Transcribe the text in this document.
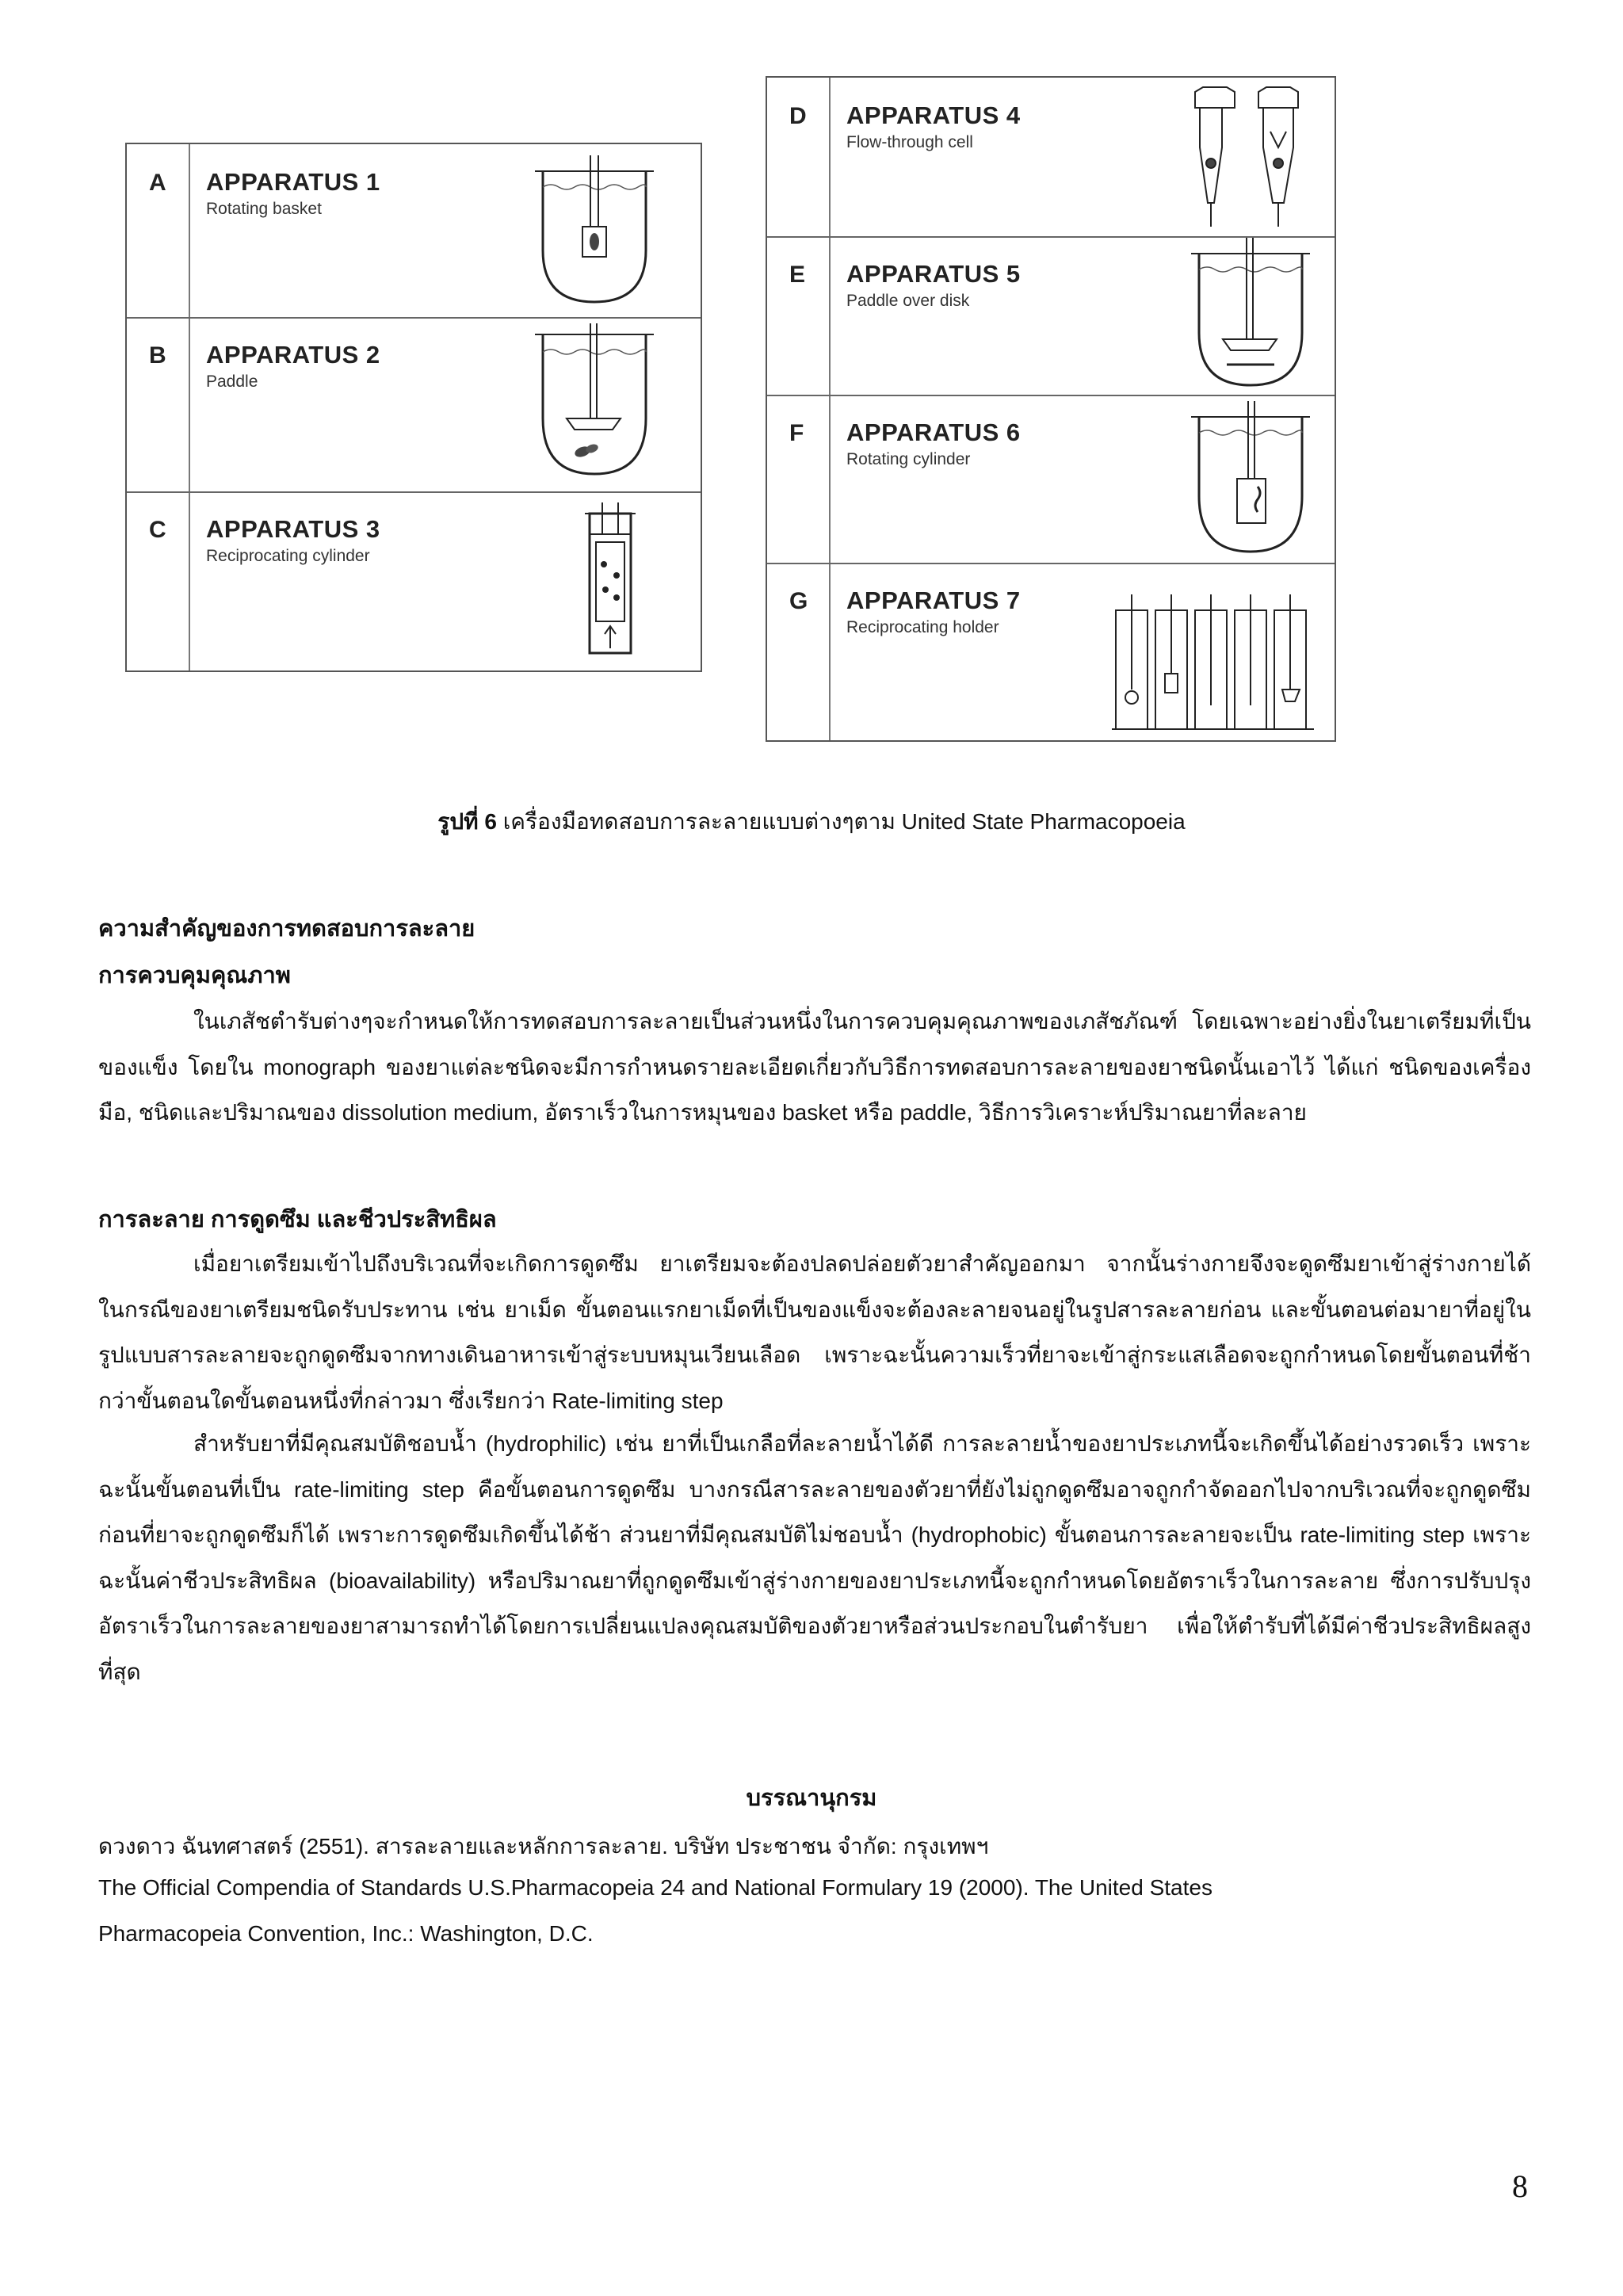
A APPARATUS 1
Rotating basket
B APPARATUS 2
Paddle
C APPARATUS 3
Reciprocating cylinder
D APPARATUS 4
Flow-through cell
E APPARATUS 5
Paddle over disk
F APPARATUS 6
Rotating cylinder
G APPARATUS 7
Reciprocating holder
รูปที่ 6 เครื่องมือทดสอบการละลายแบบต่างๆตาม United State Pharmacopoeia
ความสำคัญของการทดสอบการละลาย
การควบคุมคุณภาพ
ในเภสัชตำรับต่างๆจะกำหนดให้การทดสอบการละลายเป็นส่วนหนึ่งในการควบคุมคุณภาพของเภสัชภัณฑ์ โดยเฉพาะอย่างยิ่งในยาเตรียมที่เป็นของแข็ง โดยใน monograph ของยาแต่ละชนิดจะมีการกำหนดรายละเอียดเกี่ยวกับวิธีการทดสอบการละลายของยาชนิดนั้นเอาไว้ ได้แก่ ชนิดของเครื่องมือ, ชนิดและปริมาณของ dissolution medium, อัตราเร็วในการหมุนของ basket หรือ paddle, วิธีการวิเคราะห์ปริมาณยาที่ละลาย
การละลาย การดูดซึม และชีวประสิทธิผล
เมื่อยาเตรียมเข้าไปถึงบริเวณที่จะเกิดการดูดซึม ยาเตรียมจะต้องปลดปล่อยตัวยาสำคัญออกมา จากนั้นร่างกายจึงจะดูดซึมยาเข้าสู่ร่างกายได้ ในกรณีของยาเตรียมชนิดรับประทาน เช่น ยาเม็ด ขั้นตอนแรกยาเม็ดที่เป็นของแข็งจะต้องละลายจนอยู่ในรูปสารละลายก่อน และขั้นตอนต่อมายาที่อยู่ในรูปแบบสารละลายจะถูกดูดซึมจากทางเดินอาหารเข้าสู่ระบบหมุนเวียนเลือด เพราะฉะนั้นความเร็วที่ยาจะเข้าสู่กระแสเลือดจะถูกกำหนดโดยขั้นตอนที่ช้ากว่าขั้นตอนใดขั้นตอนหนึ่งที่กล่าวมา ซึ่งเรียกว่า Rate-limiting step
สำหรับยาที่มีคุณสมบัติชอบน้ำ (hydrophilic) เช่น ยาที่เป็นเกลือที่ละลายน้ำได้ดี การละลายน้ำของยาประเภทนี้จะเกิดขึ้นได้อย่างรวดเร็ว เพราะฉะนั้นขั้นตอนที่เป็น rate-limiting step คือขั้นตอนการดูดซึม บางกรณีสารละลายของตัวยาที่ยังไม่ถูกดูดซึมอาจถูกกำจัดออกไปจากบริเวณที่จะถูกดูดซึมก่อนที่ยาจะถูกดูดซึมก็ได้ เพราะการดูดซึมเกิดขึ้นได้ช้า ส่วนยาที่มีคุณสมบัติไม่ชอบน้ำ (hydrophobic) ขั้นตอนการละลายจะเป็น rate-limiting step เพราะฉะนั้นค่าชีวประสิทธิผล (bioavailability) หรือปริมาณยาที่ถูกดูดซึมเข้าสู่ร่างกายของยาประเภทนี้จะถูกกำหนดโดยอัตราเร็วในการละลาย ซึ่งการปรับปรุงอัตราเร็วในการละลายของยาสามารถทำได้โดยการเปลี่ยนแปลงคุณสมบัติของตัวยาหรือส่วนประกอบในตำรับยา เพื่อให้ตำรับที่ได้มีค่าชีวประสิทธิผลสูงที่สุด
บรรณานุกรม
ดวงดาว ฉันทศาสตร์ (2551). สารละลายและหลักการละลาย. บริษัท ประชาชน จำกัด: กรุงเทพฯ
The Official Compendia of Standards U.S.Pharmacopeia 24 and National Formulary 19 (2000). The United States
Pharmacopeia Convention, Inc.: Washington, D.C.
8
